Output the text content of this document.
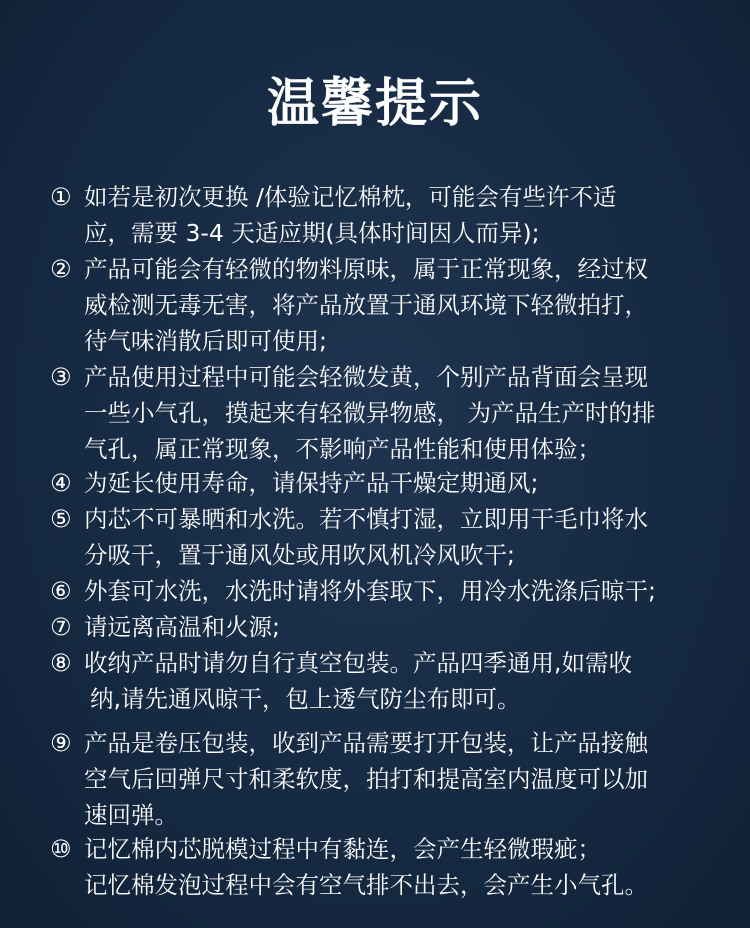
温馨提示
① 如若是初次更换 /体验记忆棉枕，可能会有些许不适
应，需要 3-4 天适应期(具体时间因人而异);
② 产品可能会有轻微的物料原味，属于正常现象，经过权
威检测无毒无害，将产品放置于通风环境下轻微拍打，
待气味消散后即可使用;
③ 产品使用过程中可能会轻微发黄，个别产品背面会呈现
一些小气孔，摸起来有轻微异物感， 为产品生产时的排
气孔，属正常现象，不影响产品性能和使用体验；
④ 为延长使用寿命，请保持产品干燥定期通风;
⑤ 内芯不可暴晒和水洗。若不慎打湿，立即用干毛巾将水
分吸干，置于通风处或用吹风机冷风吹干;
⑥ 外套可水洗，水洗时请将外套取下，用冷水洗涤后晾干;
⑦ 请远离高温和火源;
⑧ 收纳产品时请勿自行真空包装。产品四季通用,如需收
纳,请先通风晾干，包上透气防尘布即可。
⑨ 产品是卷压包装，收到产品需要打开包装，让产品接触
空气后回弹尺寸和柔软度，拍打和提高室内温度可以加
速回弹。
⑩ 记忆棉内芯脱模过程中有黏连，会产生轻微瑕疵；
记忆棉发泡过程中会有空气排不出去，会产生小气孔。
